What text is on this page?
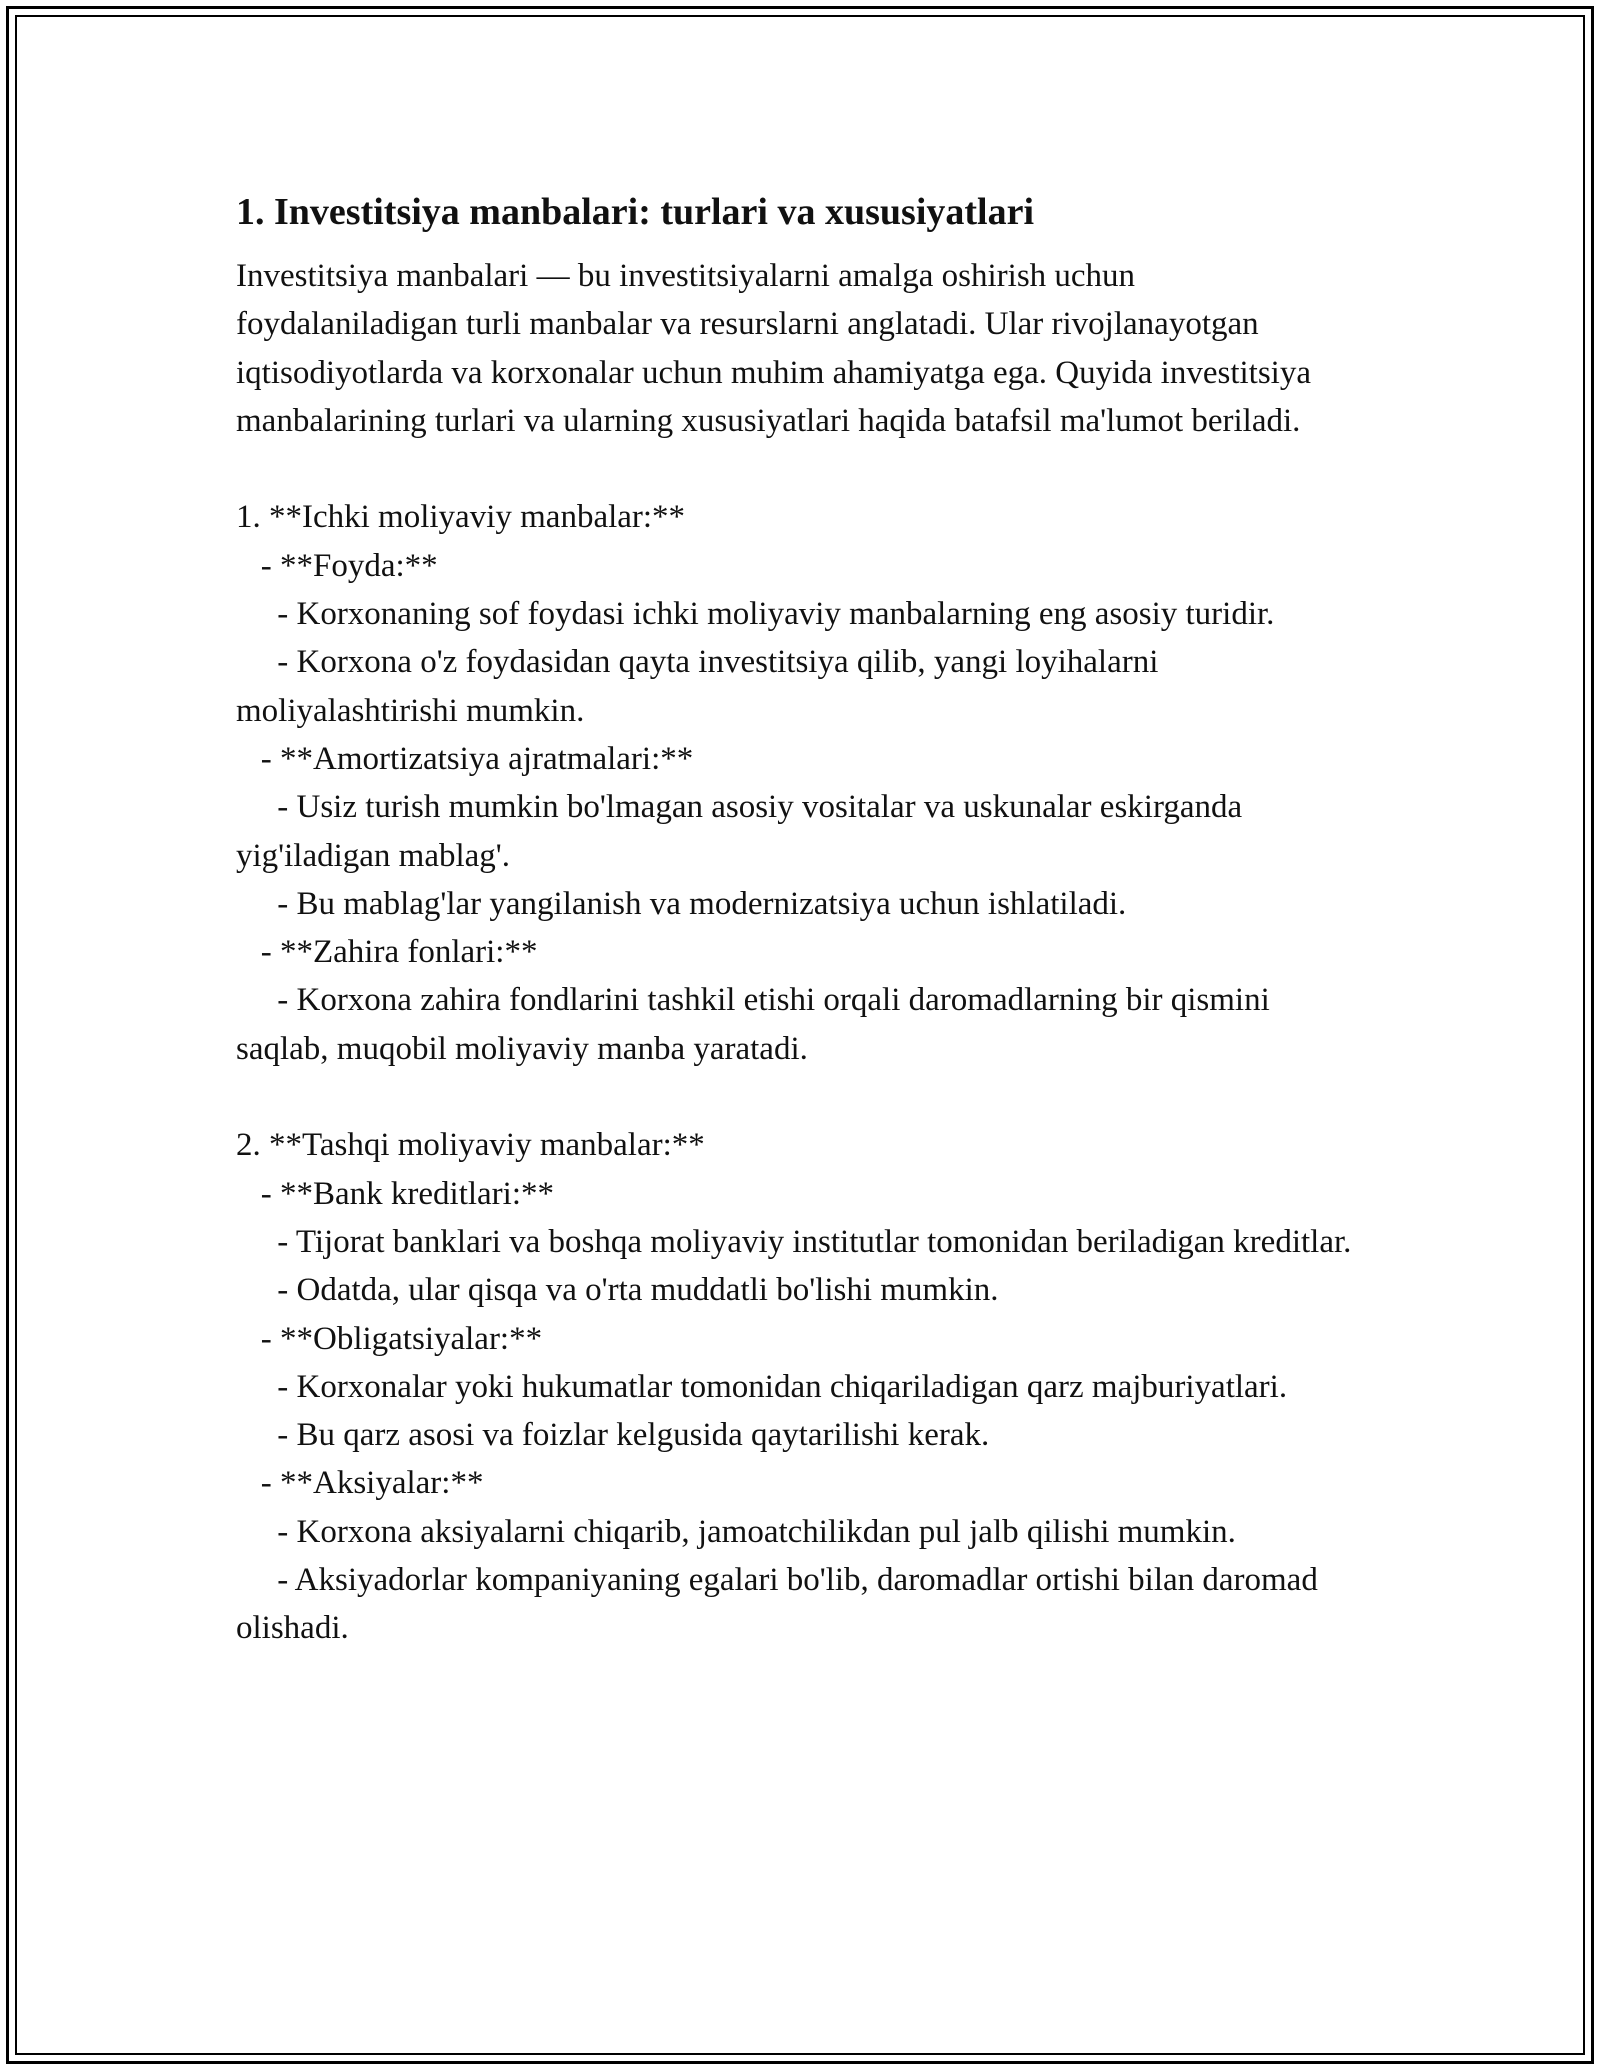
1. Investitsiya manbalari: turlari va xususiyatlari

Investitsiya manbalari — bu investitsiyalarni amalga oshirish uchun foydalaniladigan turli manbalar va resurslarni anglatadi. Ular rivojlanayotgan iqtisodiyotlarda va korxonalar uchun muhim ahamiyatga ega. Quyida investitsiya manbalarining turlari va ularning xususiyatlari haqida batafsil ma'lumot beriladi.

1. **Ichki moliyaviy manbalar:**
- **Foyda:**
- Korxonaning sof foydasi ichki moliyaviy manbalarning eng asosiy turidir.
- Korxona o'z foydasidan qayta investitsiya qilib, yangi loyihalarni moliyalashtirishi mumkin.
- **Amortizatsiya ajratmalari:**
- Usiz turish mumkin bo'lmagan asosiy vositalar va uskunalar eskirganda yig'iladigan mablag'.
- Bu mablag'lar yangilanish va modernizatsiya uchun ishlatiladi.
- **Zahira fonlari:**
- Korxona zahira fondlarini tashkil etishi orqali daromadlarning bir qismini saqlab, muqobil moliyaviy manba yaratadi.
2. **Tashqi moliyaviy manbalar:**
- **Bank kreditlari:**
- Tijorat banklari va boshqa moliyaviy institutlar tomonidan beriladigan kreditlar.
- Odatda, ular qisqa va o'rta muddatli bo'lishi mumkin.
- **Obligatsiyalar:**
- Korxonalar yoki hukumatlar tomonidan chiqariladigan qarz majburiyatlari.
- Bu qarz asosi va foizlar kelgusida qaytarilishi kerak.
- **Aksiyalar:**
- Korxona aksiyalarni chiqarib, jamoatchilikdan pul jalb qilishi mumkin.
- Aksiyadorlar kompaniyaning egalari bo'lib, daromadlar ortishi bilan daromad olishadi.
